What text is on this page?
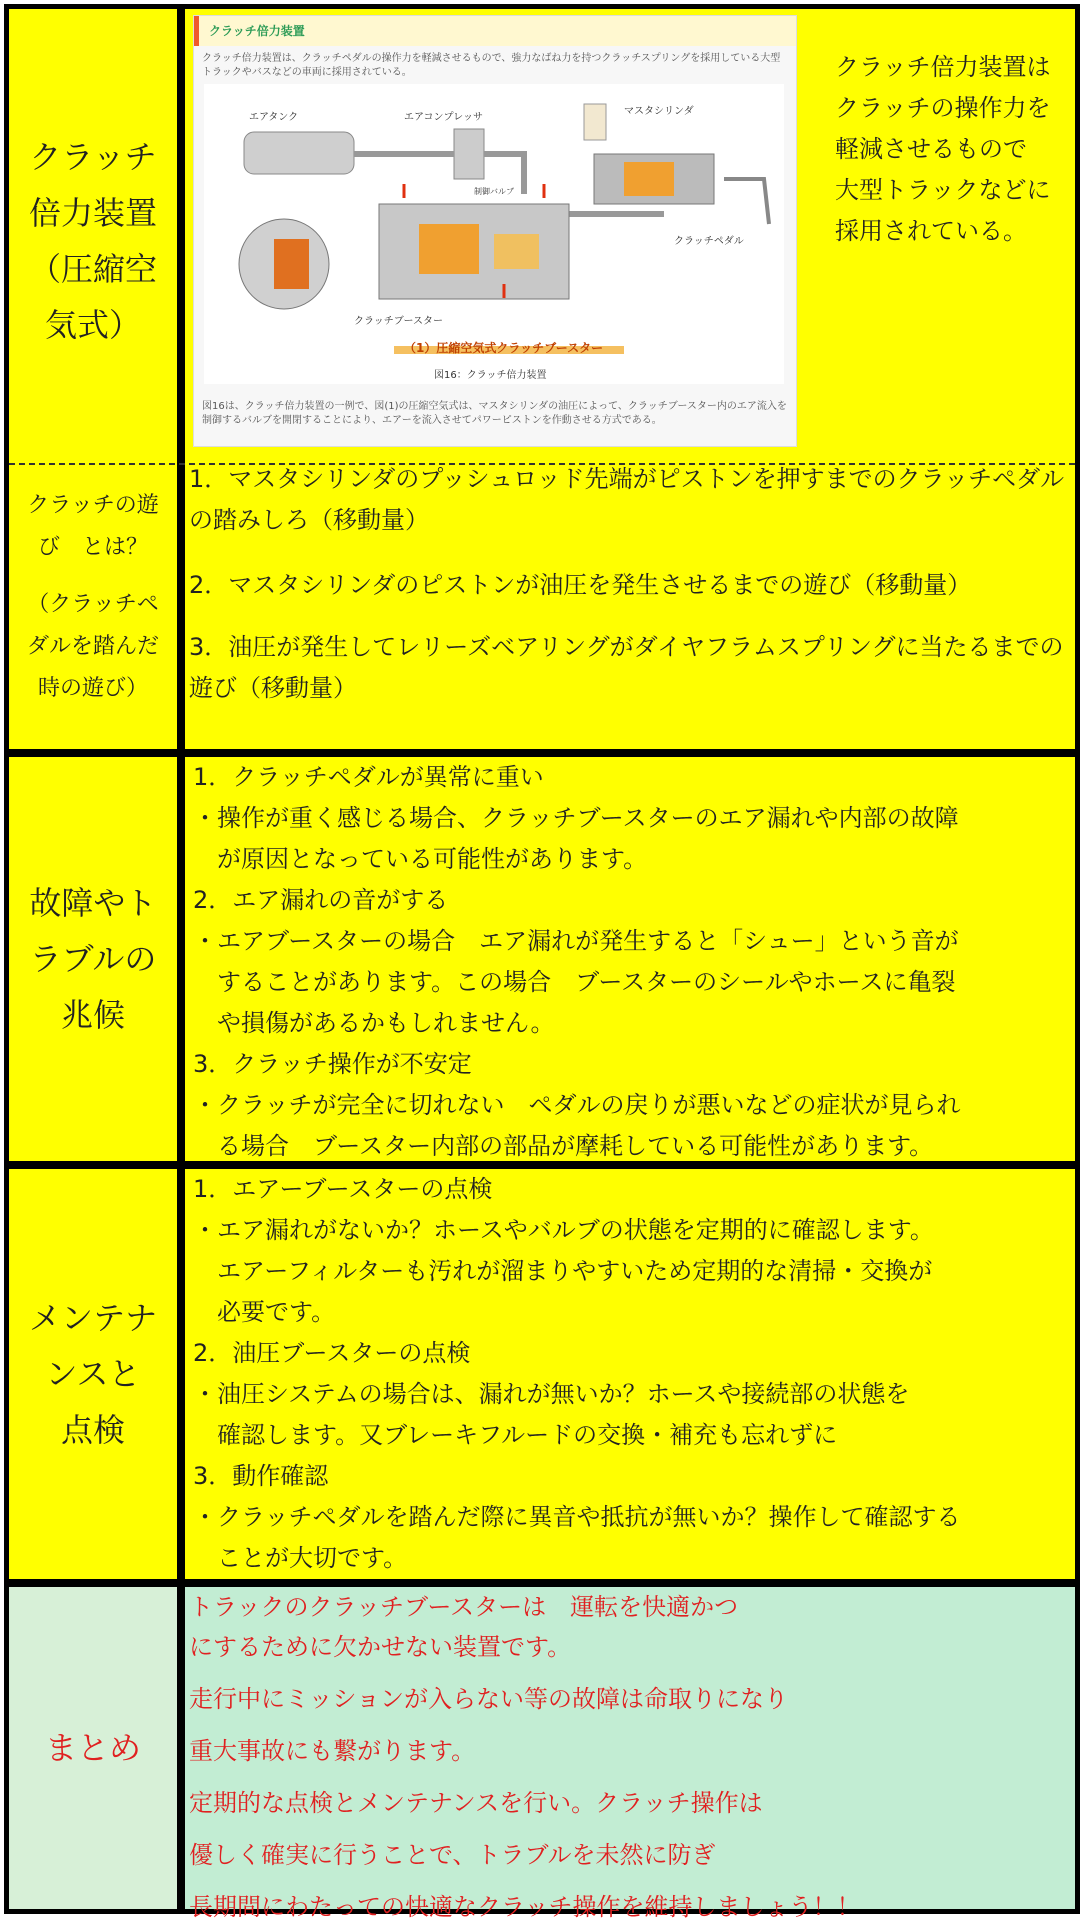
クラッチ
倍力装置
（圧縮空
気式）
クラッチの遊
び　とは？
（クラッチペ
ダルを踏んだ
時の遊び）
クラッチ倍力装置
クラッチ倍力装置は、クラッチペダルの操作力を軽減させるもので、強力なばね力を持つクラッチスプリングを採用している大型トラックやバスなどの車両に採用されている。
エアタンク	エアコンプレッサ
マスタシリンダ
制御バルブ
クラッチペダル
クラッチブースター
（1）圧縮空気式クラッチブースター
図16：クラッチ倍力装置
図16は、クラッチ倍力装置の一例で、図(1)の圧縮空気式は、マスタシリンダの油圧によって、クラッチブースター内のエア流入を制御するバルブを開閉することにより、エアーを流入させてパワーピストンを作動させる方式である。
クラッチ倍力装置は
クラッチの操作力を
軽減させるもので
大型トラックなどに
採用されている。

1．マスタシリンダのプッシュロッド先端がピストンを押すまでのクラッチペダルの踏みしろ（移動量）

2．マスタシリンダのピストンが油圧を発生させるまでの遊び（移動量）

3．油圧が発生してレリーズベアリングがダイヤフラムスプリングに当たるまでの遊び（移動量）

故障やト
ラブルの
兆候

1．クラッチペダルが異常に重い
・操作が重く感じる場合、クラッチブースターのエア漏れや内部の故障
　が原因となっている可能性があります。
2．エア漏れの音がする
・エアブースターの場合　エア漏れが発生すると「シュー」という音が
　することがあります。この場合　ブースターのシールやホースに亀裂
　や損傷があるかもしれません。
3．クラッチ操作が不安定
・クラッチが完全に切れない　ペダルの戻りが悪いなどの症状が見られ
　る場合　ブースター内部の部品が摩耗している可能性があります。

メンテナ
ンスと
点検

1．エアーブースターの点検
・エア漏れがないか？ホースやバルブの状態を定期的に確認します。
　エアーフィルターも汚れが溜まりやすいため定期的な清掃・交換が
　必要です。
2．油圧ブースターの点検
・油圧システムの場合は、漏れが無いか？ホースや接続部の状態を
　確認します。又ブレーキフルードの交換・補充も忘れずに
3．動作確認
・クラッチペダルを踏んだ際に異音や抵抗が無いか？操作して確認する
　ことが大切です。

まとめ
トラックのクラッチブースターは　運転を快適かつ
にするために欠かせない装置です。
走行中にミッションが入らない等の故障は命取りになり
重大事故にも繋がります。
定期的な点検とメンテナンスを行い。クラッチ操作は
優しく確実に行うことで、トラブルを未然に防ぎ
長期間にわたっての快適なクラッチ操作を維持しましょう！！
